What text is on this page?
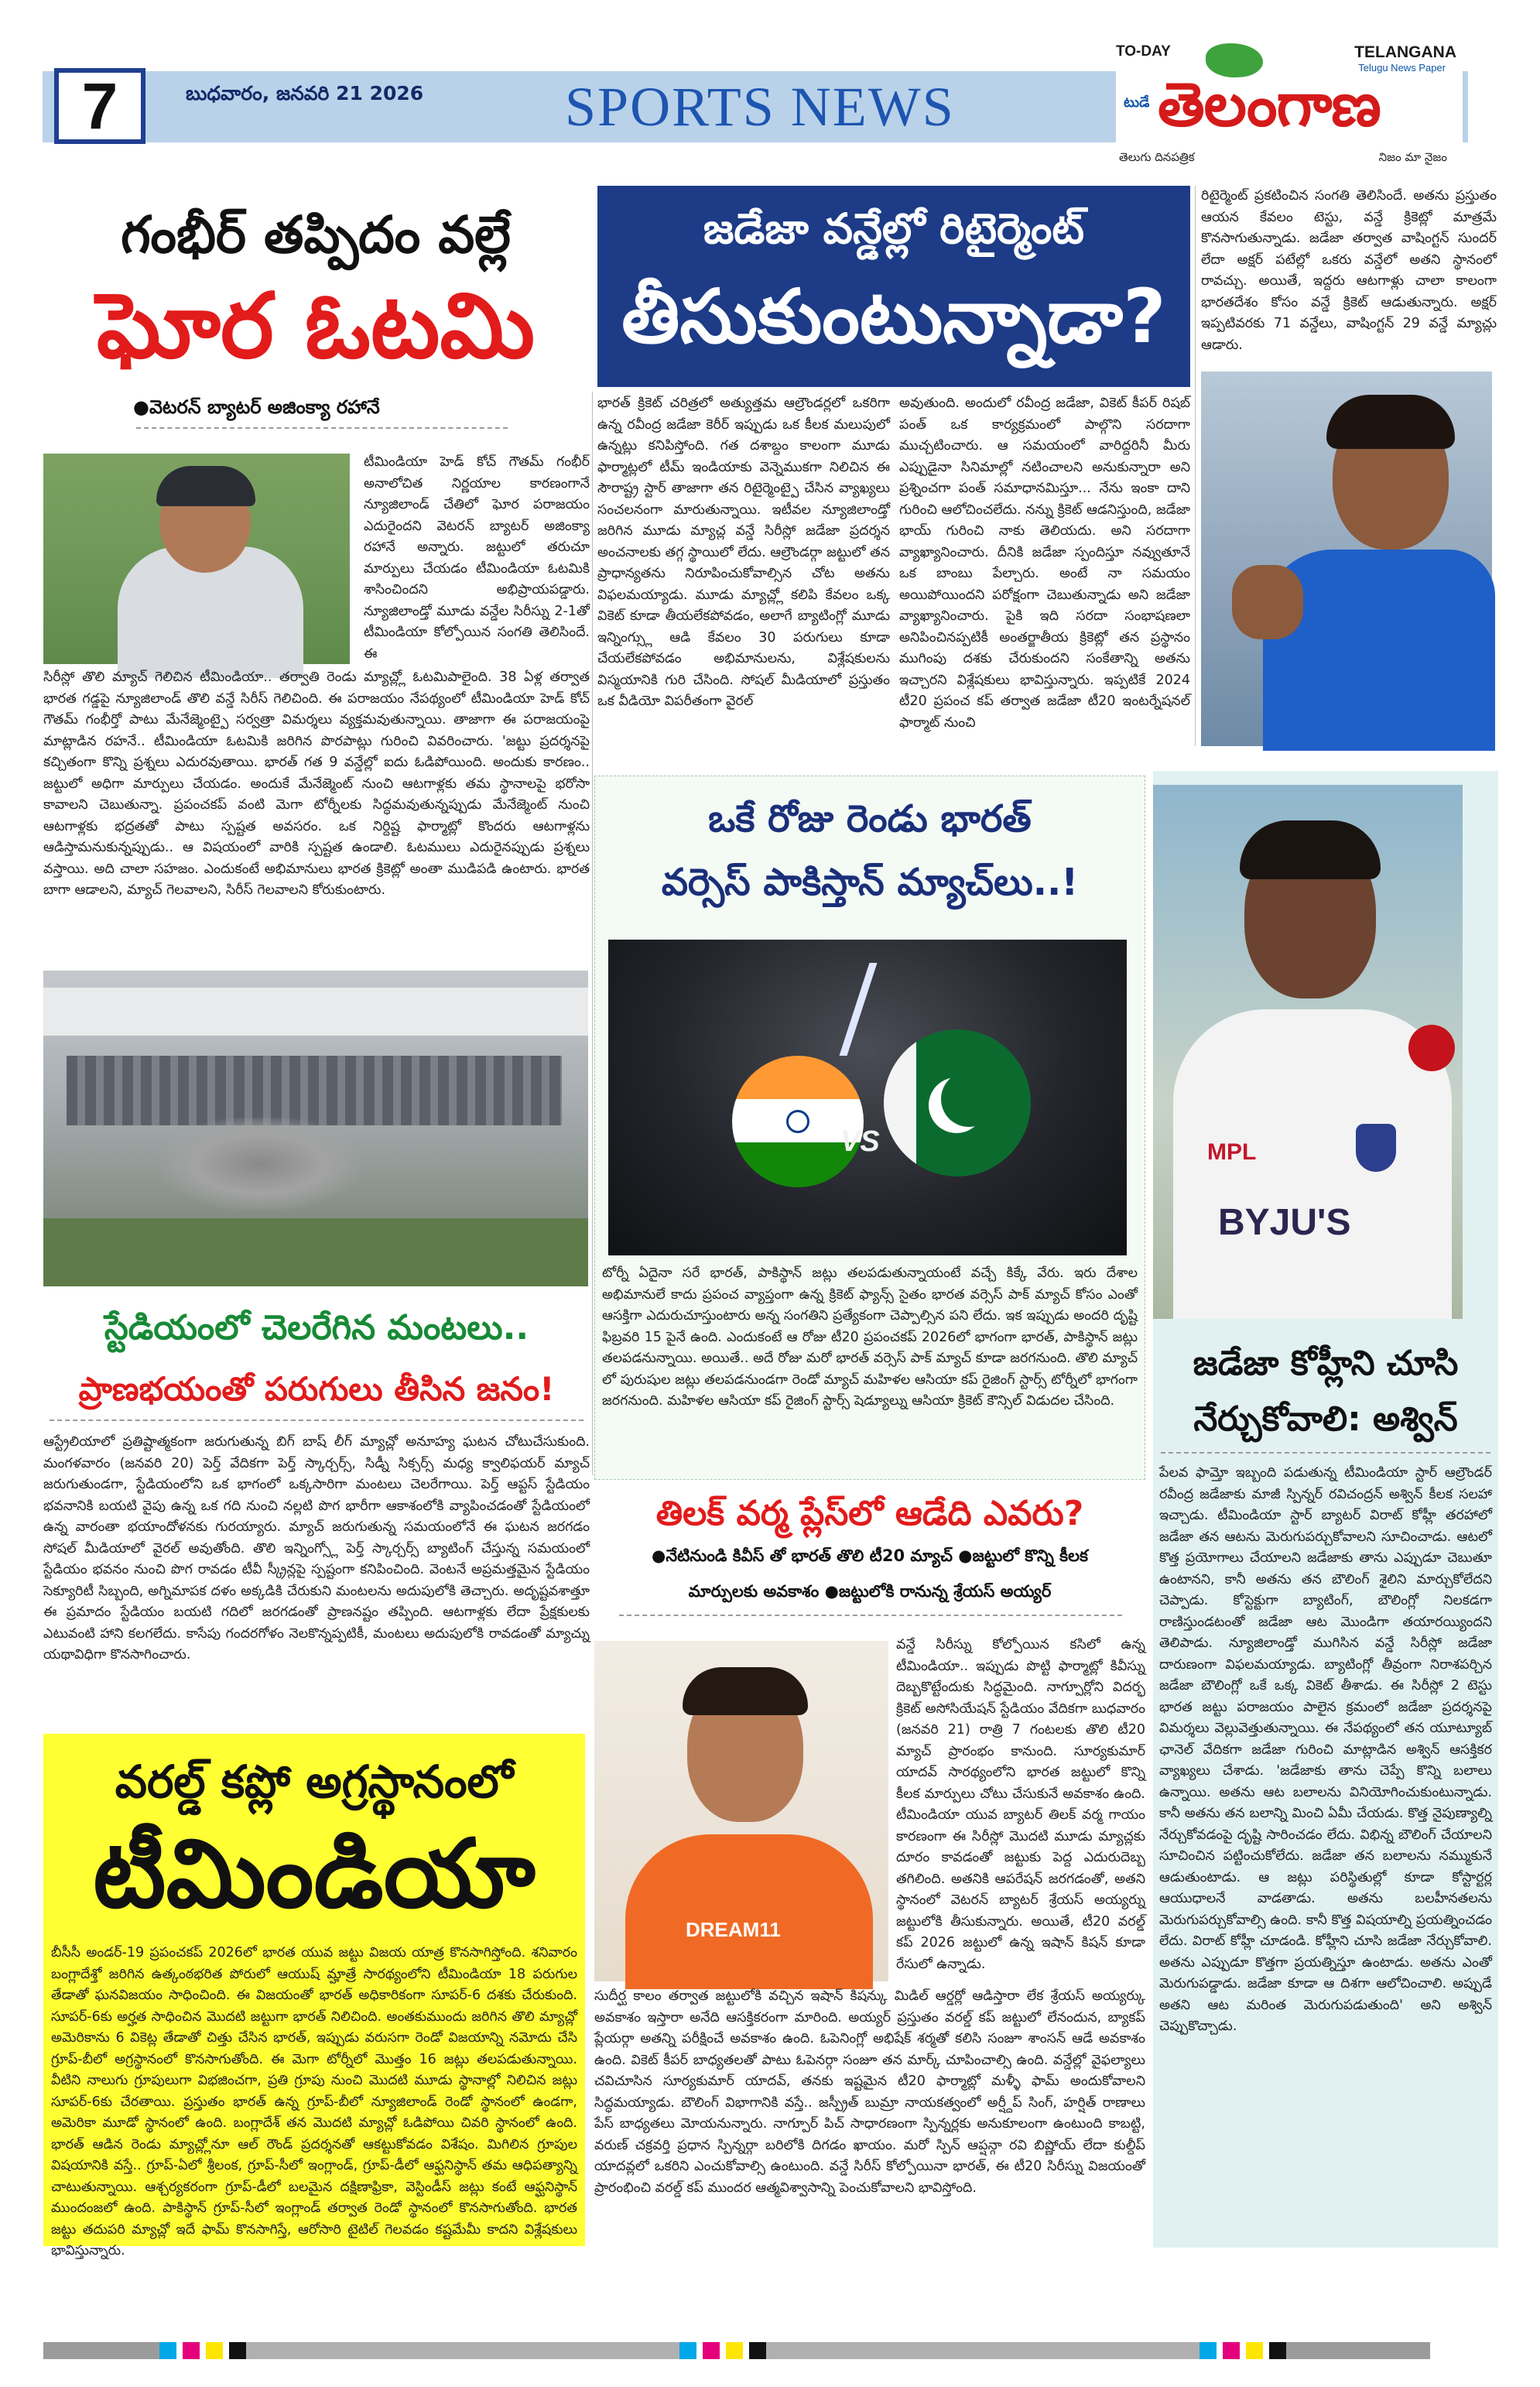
7	బుధవారం, జనవరి 21 2026	SPORTS NEWS
TO-DAY	TELANGANA
Telugu News Paper
టుడే తెలంగాణ
తెలుగు దినపత్రిక	నిజం మా నైజం
గంభీర్ తప్పిదం వల్లే
ఘోర ఓటమి
●వెటరన్ బ్యాటర్ అజింక్యా రహానే
టీమిండియా హెడ్ కోచ్ గౌతమ్ గంభీర్ అనాలోచిత నిర్ణయాల కారణంగానే న్యూజిలాండ్ చేతిలో ఘోర పరాజయం ఎదురైందని వెటరన్ బ్యాటర్ అజింక్యా రహానే అన్నారు. జట్టులో తరుచూ మార్పులు చేయడం టీమిండియా ఓటమికి శాసించిందని అభిప్రాయపడ్డారు. న్యూజిలాండ్తో మూడు వన్డేల సిరీస్ను 2-1తో టీమిండియా కోల్పోయిన సంగతి తెలిసిందే. ఈ
సిరీస్లో తొలి మ్యాచ్ గెలిచిన టీమిండియా.. తర్వాతి రెండు మ్యాచ్ల్లో ఓటమిపాలైంది. 38 ఏళ్ల తర్వాత భారత గడ్డపై న్యూజిలాండ్ తొలి వన్డే సిరీస్ గెలిచింది. ఈ పరాజయం నేపథ్యంలో టీమిండియా హెడ్ కోచ్ గౌతమ్ గంభీర్తో పాటు మేనేజ్మెంట్పై సర్వత్రా విమర్శలు వ్యక్తమవుతున్నాయి. తాజాగా ఈ పరాజయంపై మాట్లాడిన రహనే.. టీమిండియా ఓటమికి జరిగిన పొరపాట్లు గురించి వివరించారు. 'జట్టు ప్రదర్శనపై కచ్చితంగా కొన్ని ప్రశ్నలు ఎదురవుతాయి. భారత్ గత 9 వన్డేల్లో ఐదు ఓడిపోయింది. అందుకు కారణం.. జట్టులో అధిగా మార్పులు చేయడం. అందుకే మేనేజ్మెంట్ నుంచి ఆటగాళ్లకు తమ స్థానాలపై భరోసా కావాలని చెబుతున్నా. ప్రపంచకప్ వంటి మెగా టోర్నీలకు సిద్ధమవుతున్నప్పుడు మేనేజ్మెంట్ నుంచి ఆటగాళ్లకు భద్రతతో పాటు స్పష్టత అవసరం. ఒక నిర్దిష్ట ఫార్మాట్లో కొందరు ఆటగాళ్లను ఆడిస్తామనుకున్నప్పుడు.. ఆ విషయంలో వారికి స్పష్టత ఉండాలి. ఓటములు ఎదురైనప్పుడు ప్రశ్నలు వస్తాయి. అది చాలా సహజం. ఎందుకంటే అభిమానులు భారత క్రికెట్లో అంతా ముడిపడి ఉంటారు. భారత బాగా ఆడాలని, మ్యాచ్ గెలవాలని, సిరీస్ గెలవాలని కోరుకుంటారు.
స్టేడియంలో చెలరేగిన మంటలు..
ప్రాణభయంతో పరుగులు తీసిన జనం!
ఆస్ట్రేలియాలో ప్రతిష్టాత్మకంగా జరుగుతున్న బిగ్ బాష్ లీగ్ మ్యాచ్లో అనూహ్య ఘటన చోటుచేసుకుంది. మంగళవారం (జనవరి 20) పెర్త్ వేదికగా పెర్త్ స్కార్చర్స్, సిడ్నీ సిక్సర్స్ మధ్య క్వాలిఫయర్ మ్యాచ్ జరుగుతుండగా, స్టేడియంలోని ఒక భాగంలో ఒక్కసారిగా మంటలు చెలరేగాయి. పెర్త్ ఆప్టస్ స్టేడియం భవనానికి బయటి వైపు ఉన్న ఒక గది నుంచి నల్లటి పొగ భారీగా ఆకాశంలోకి వ్యాపించడంతో స్టేడియంలో ఉన్న వారంతా భయాందోళనకు గురయ్యారు. మ్యాచ్ జరుగుతున్న సమయంలోనే ఈ ఘటన జరగడం సోషల్ మీడియాలో వైరల్ అవుతోంది. తొలి ఇన్నింగ్స్లో పెర్త్ స్కార్చర్స్ బ్యాటింగ్ చేస్తున్న సమయంలో స్టేడియం భవనం నుంచి పొగ రావడం టీవీ స్క్రీన్లపై స్పష్టంగా కనిపించింది. వెంటనే అప్రమత్తమైన స్టేడియం సెక్యూరిటీ సిబ్బంది, అగ్నిమాపక దళం అక్కడికి చేరుకుని మంటలను అదుపులోకి తెచ్చారు. అదృష్టవశాత్తూ ఈ ప్రమాదం స్టేడియం బయటి గదిలో జరగడంతో ప్రాణనష్టం తప్పింది. ఆటగాళ్లకు లేదా ప్రేక్షకులకు ఎటువంటి హాని కలగలేదు. కాసేపు గందరగోళం నెలకొన్నప్పటికీ, మంటలు అదుపులోకి రావడంతో మ్యాచ్ను యథావిధిగా కొనసాగించారు.
వరల్డ్ కప్లో అగ్రస్థానంలో
టీమిండియా
బీసీసీ అండర్-19 ప్రపంచకప్ 2026లో భారత యువ జట్టు విజయ యాత్ర కొనసాగిస్తోంది. శనివారం బంగ్లాదేశ్తో జరిగిన ఉత్కంఠభరిత పోరులో ఆయుష్ మ్హాత్రే సారథ్యంలోని టీమిండియా 18 పరుగుల తేడాతో ఘనవిజయం సాధించింది. ఈ విజయంతో భారత్ అధికారికంగా సూపర్-6 దశకు చేరుకుంది. సూపర్-6కు అర్హత సాధించిన మొదటి జట్టుగా భారత్ నిలిచింది. అంతకుముందు జరిగిన తొలి మ్యాచ్లో అమెరికాను 6 వికెట్ల తేడాతో చిత్తు చేసిన భారత్, ఇప్పుడు వరుసగా రెండో విజయాన్ని నమోదు చేసి గ్రూప్-బీలో అగ్రస్థానంలో కొనసాగుతోంది. ఈ మెగా టోర్నీలో మొత్తం 16 జట్లు తలపడుతున్నాయి. వీటిని నాలుగు గ్రూపులుగా విభజించగా, ప్రతి గ్రూపు నుంచి మొదటి మూడు స్థానాల్లో నిలిచిన జట్లు సూపర్-6కు చేరతాయి. ప్రస్తుతం భారత్ ఉన్న గ్రూప్-బీలో న్యూజిలాండ్ రెండో స్థానంలో ఉండగా, అమెరికా మూడో స్థానంలో ఉంది. బంగ్లాదేశ్ తన మొదటి మ్యాచ్లో ఓడిపోయి చివరి స్థానంలో ఉంది. భారత్ ఆడిన రెండు మ్యాచ్ల్లోనూ ఆల్ రౌండ్ ప్రదర్శనతో ఆకట్టుకోవడం విశేషం. మిగిలిన గ్రూపుల విషయానికి వస్తే.. గ్రూప్-ఏలో శ్రీలంక, గ్రూప్-సీలో ఇంగ్లాండ్, గ్రూప్-డీలో ఆఫ్ఘనిస్థాన్ తమ ఆధిపత్యాన్ని చాటుతున్నాయి. ఆశ్చర్యకరంగా గ్రూప్-డీలో బలమైన దక్షిణాఫ్రికా, వెస్టిండీస్ జట్లు కంటే ఆఫ్ఘనిస్థాన్ ముందంజలో ఉంది. పాకిస్థాన్ గ్రూప్-సీలో ఇంగ్లాండ్ తర్వాత రెండో స్థానంలో కొనసాగుతోంది. భారత జట్టు తదుపరి మ్యాచ్లో ఇదే ఫామ్ కొనసాగిస్తే, ఆరోసారి టైటిల్ గెలవడం కష్టమేమీ కాదని విశ్లేషకులు భావిస్తున్నారు.
జడేజా వన్డేల్లో రిటైర్మెంట్
తీసుకుంటున్నాడా?
భారత్ క్రికెట్ చరిత్రలో అత్యుత్తమ ఆల్రౌండర్లలో ఒకరిగా ఉన్న రవీంద్ర జడేజా కెరీర్ ఇప్పుడు ఒక కీలక మలుపులో ఉన్నట్లు కనిపిస్తోంది. గత దశాబ్దం కాలంగా మూడు ఫార్మాట్లలో టీమ్ ఇండియాకు వెన్నెముకగా నిలిచిన ఈ సౌరాష్ట్ర స్టార్ తాజాగా తన రిటైర్మెంట్పై చేసిన వ్యాఖ్యలు సంచలనంగా మారుతున్నాయి. ఇటీవల న్యూజిలాండ్తో జరిగిన మూడు మ్యాచ్ల వన్డే సిరీస్లో జడేజా ప్రదర్శన అంచనాలకు తగ్గ స్థాయిలో లేదు. ఆల్రౌండర్గా జట్టులో తన ప్రాధాన్యతను నిరూపించుకోవాల్సిన చోట అతను విఫలమయ్యాడు. మూడు మ్యాచ్ల్లో కలిపి కేవలం ఒక్క వికెట్ కూడా తీయలేకపోవడం, అలాగే బ్యాటింగ్లో మూడు ఇన్నింగ్స్లు ఆడి కేవలం 30 పరుగులు కూడా చేయలేకపోవడం అభిమానులను, విశ్లేషకులను విస్మయానికి గురి చేసింది. సోషల్ మీడియాలో ప్రస్తుతం ఒక వీడియో విపరీతంగా వైరల్
అవుతుంది. అందులో రవీంద్ర జడేజా, వికెట్ కీపర్ రిషబ్ పంత్ ఒక కార్యక్రమంలో పాల్గొని సరదాగా ముచ్చటించారు. ఆ సమయంలో వారిద్దరినీ మీరు ఎప్పుడైనా సినిమాల్లో నటించాలని అనుకున్నారా అని ప్రశ్నించగా పంత్ సమాధానమిస్తూ... నేను ఇంకా దాని గురించి ఆలోచించలేదు. నన్ను క్రికెట్ ఆడనిస్తుంది, జడేజా భాయ్ గురించి నాకు తెలియదు. అని సరదాగా వ్యాఖ్యానించారు. దీనికి జడేజా స్పందిస్తూ నవ్వుతూనే ఒక బాంబు పేల్చారు. అంటే నా సమయం అయిపోయిందని పరోక్షంగా చెబుతున్నాడు అని జడేజా వ్యాఖ్యానించారు. పైకి ఇది సరదా సంభాషణలా అనిపించినప్పటికీ అంతర్జాతీయ క్రికెట్లో తన ప్రస్థానం ముగింపు దశకు చేరుకుందని సంకేతాన్ని అతను ఇచ్చారని విశ్లేషకులు భావిస్తున్నారు. ఇప్పటికే 2024 టీ20 ప్రపంచ కప్ తర్వాత జడేజా టీ20 ఇంటర్నేషనల్ ఫార్మాట్ నుంచి
రిటైర్మెంట్ ప్రకటించిన సంగతి తెలిసిందే. అతను ప్రస్తుతం ఆయన కేవలం టెస్టు, వన్డే క్రికెట్లో మాత్రమే కొనసాగుతున్నాడు. జడేజా తర్వాత వాషింగ్టన్ సుందర్ లేదా అక్షర్ పటేల్లో ఒకరు వన్డేలో అతని స్థానంలో రావచ్చు. అయితే, ఇద్దరు ఆటగాళ్లు చాలా కాలంగా భారతదేశం కోసం వన్డే క్రికెట్ ఆడుతున్నారు. అక్షర్ ఇప్పటివరకు 71 వన్డేలు, వాషింగ్టన్ 29 వన్డే మ్యాచ్లు ఆడారు.
ఒకే రోజు రెండు భారత్
వర్సెస్ పాకిస్తాన్ మ్యాచ్‌లు..!
VS
టోర్నీ ఏదైనా సరే భారత్, పాకిస్థాన్ జట్లు తలపడుతున్నాయంటే వచ్చే కిక్కే వేరు. ఇరు దేశాల అభిమానులే కాదు ప్రపంచ వ్యాప్తంగా ఉన్న క్రికెట్ ఫ్యాన్స్ సైతం భారత వర్సెస్ పాక్ మ్యాచ్ కోసం ఎంతో ఆసక్తిగా ఎదురుచూస్తుంటారు అన్న సంగతిని ప్రత్యేకంగా చెప్పాల్సిన పని లేదు. ఇక ఇప్పుడు అందరి దృష్టి ఫిబ్రవరి 15 పైనే ఉంది. ఎందుకంటే ఆ రోజు టీ20 ప్రపంచకప్ 2026లో భాగంగా భారత్, పాకిస్థాన్ జట్లు తలపడనున్నాయి. అయితే.. అదే రోజు మరో భారత్ వర్సెస్ పాక్ మ్యాచ్ కూడా జరగనుంది. తొలి మ్యాచ్ లో పురుషుల జట్లు తలపడనుండగా రెండో మ్యాచ్ మహిళల ఆసియా కప్ రైజింగ్ స్టార్స్ టోర్నీలో భాగంగా జరగనుంది. మహిళల ఆసియా కప్ రైజింగ్ స్టార్స్ షెడ్యూల్ను ఆసియా క్రికెట్ కౌన్సిల్ విడుదల చేసింది.
MPL
BYJU'S
జడేజా కోహ్లీని చూసి
నేర్చుకోవాలి: అశ్విన్
పేలవ ఫామ్తో ఇబ్బంది పడుతున్న టీమిండియా స్టార్ ఆల్రౌండర్ రవీంద్ర జడేజాకు మాజీ స్పిన్నర్ రవిచంద్రన్ అశ్విన్ కీలక సలహా ఇచ్చాడు. టీమిండియా స్టార్ బ్యాటర్ విరాట్ కోహ్లీ తరహాలో జడేజా తన ఆటను మెరుగుపర్చుకోవాలని సూచించాడు. ఆటలో కొత్త ప్రయోగాలు చేయాలని జడేజాకు తాను ఎప్పుడూ చెబుతూ ఉంటానని, కానీ అతను తన బౌలింగ్ శైలిని మార్చుకోలేదని చెప్పాడు. కోస్టెక్టుగా బ్యాటింగ్, బౌలింగ్లో నిలకడగా రాణిస్తుండటంతో జడేజా ఆట మొండిగా తయారయ్యిందని తెలిపాడు. న్యూజిలాండ్తో ముగిసిన వన్డే సిరీస్లో జడేజా దారుణంగా విఫలమయ్యాడు. బ్యాటింగ్లో తీవ్రంగా నిరాశపర్చిన జడేజా బౌలింగ్లో ఒకే ఒక్క వికెట్ తీశాడు. ఈ సిరీస్లో 2 టెస్టు భారత జట్టు పరాజయం పాలైన క్రమంలో జడేజా ప్రదర్శనపై విమర్శలు వెల్లువెత్తుతున్నాయి. ఈ నేపథ్యంలో తన యూట్యూబ్ ఛానెల్ వేదికగా జడేజా గురించి మాట్లాడిన అశ్విన్ ఆసక్తికర వ్యాఖ్యలు చేశాడు. 'జడేజాకు తాను చెప్పే కొన్ని బలాలు ఉన్నాయి. అతను ఆట బలాలను వినియోగించుకుంటున్నాడు. కానీ అతను తన బలాన్ని మించి ఏమీ చేయడు. కొత్త నైపుణ్యాల్ని నేర్చుకోవడంపై దృష్టి సారించడం లేదు. విభిన్న బౌలింగ్ చేయాలని సూచించిన పట్టించుకోలేదు. జడేజా తన బలాలను నమ్ముకునే ఆడుతుంటాడు. ఆ జట్లు పరిస్థితుల్లో కూడా కోస్టార్టర్ల ఆయుధాలనే వాడతాడు. అతను బలహీనతలను మెరుగుపర్చుకోవాల్సి ఉంది. కానీ కొత్త విషయాల్ని ప్రయత్నించడం లేదు. విరాట్ కోహ్లీ చూడండి. కోహ్లీని చూసి జడేజా నేర్చుకోవాలి. అతను ఎప్పుడూ కొత్తగా ప్రయత్నిస్తూ ఉంటాడు. అతను ఎంతో మెరుగుపడ్డాడు. జడేజా కూడా ఆ దిశగా ఆలోచించాలి. అప్పుడే అతని ఆట మరింత మెరుగుపడుతుంది' అని అశ్విన్ చెప్పుకొచ్చాడు.
తిలక్ వర్మ ప్లేస్‌లో ఆడేది ఎవరు?
●నేటినుండి కివీస్ తో భారత్ తొలి టీ20 మ్యాచ్ ●జట్టులో కొన్ని కీలక
మార్పులకు అవకాశం ●జట్టులోకి రానున్న శ్రేయస్ అయ్యర్
DREAM11
వన్డే సిరీస్ను కోల్పోయిన కసిలో ఉన్న టీమిండియా.. ఇప్పుడు పొట్టి ఫార్మాట్లో కివీస్ను దెబ్బకొట్టేందుకు సిద్ధమైంది. నాగ్పూర్లోని విదర్భ క్రికెట్ అసోసియేషన్ స్టేడియం వేదికగా బుధవారం (జనవరి 21) రాత్రి 7 గంటలకు తొలి టీ20 మ్యాచ్ ప్రారంభం కానుంది. సూర్యకుమార్ యాదవ్ సారథ్యంలోని భారత జట్టులో కొన్ని కీలక మార్పులు చోటు చేసుకునే అవకాశం ఉంది. టీమిండియా యువ బ్యాటర్ తిలక్ వర్మ గాయం కారణంగా ఈ సిరీస్లో మొదటి మూడు మ్యాచ్లకు దూరం కావడంతో జట్టుకు పెద్ద ఎదురుదెబ్బ తగిలింది. అతనికి ఆపరేషన్ జరగడంతో, అతని స్థానంలో వెటరన్ బ్యాటర్ శ్రేయస్ అయ్యర్ను జట్టులోకి తీసుకున్నారు. అయితే, టీ20 వరల్డ్ కప్ 2026 జట్టులో ఉన్న ఇషాన్ కిషన్ కూడా రేసులో ఉన్నాడు.
సుదీర్ఘ కాలం తర్వాత జట్టులోకి వచ్చిన ఇషాన్ కిషన్కు మిడిల్ ఆర్డర్లో ఆడిస్తారా లేక శ్రేయస్ అయ్యర్కు అవకాశం ఇస్తారా అనేది ఆసక్తికరంగా మారింది. అయ్యర్ ప్రస్తుతం వరల్డ్ కప్ జట్టులో లేనందున, బ్యాకప్ ప్లేయర్గా అతన్ని పరీక్షించే అవకాశం ఉంది. ఓపెనింగ్లో అభిషేక్ శర్మతో కలిసి సంజూ శాంసన్ ఆడే అవకాశం ఉంది. వికెట్ కీపర్ బాధ్యతలతో పాటు ఓపెనర్గా సంజూ తన మార్క్ చూపించాల్సి ఉంది. వన్డేల్లో వైఫల్యాలు చవిచూసిన సూర్యకుమార్ యాదవ్, తనకు ఇష్టమైన టీ20 ఫార్మాట్లో మళ్ళీ ఫామ్ అందుకోవాలని సిద్ధమయ్యాడు. బౌలింగ్ విభాగానికి వస్తే.. జస్ప్రీత్ బుమ్రా నాయకత్వంలో అర్ష్దీప్ సింగ్, హర్షిత్ రాణాలు పేస్ బాధ్యతలు మోయనున్నారు. నాగ్పూర్ పిచ్ సాధారణంగా స్పిన్నర్లకు అనుకూలంగా ఉంటుంది కాబట్టి, వరుణ్ చక్రవర్తి ప్రధాన స్పిన్నర్గా బరిలోకి దిగడం ఖాయం. మరో స్పిన్ ఆప్షన్గా రవి బిష్ణోయ్ లేదా కుల్దీప్ యాదవ్లలో ఒకరిని ఎంచుకోవాల్సి ఉంటుంది. వన్డే సిరీస్ కోల్పోయినా భారత్, ఈ టీ20 సిరీస్ను విజయంతో ప్రారంభించి వరల్డ్ కప్ ముందర ఆత్మవిశ్వాసాన్ని పెంచుకోవాలని భావిస్తోంది.
